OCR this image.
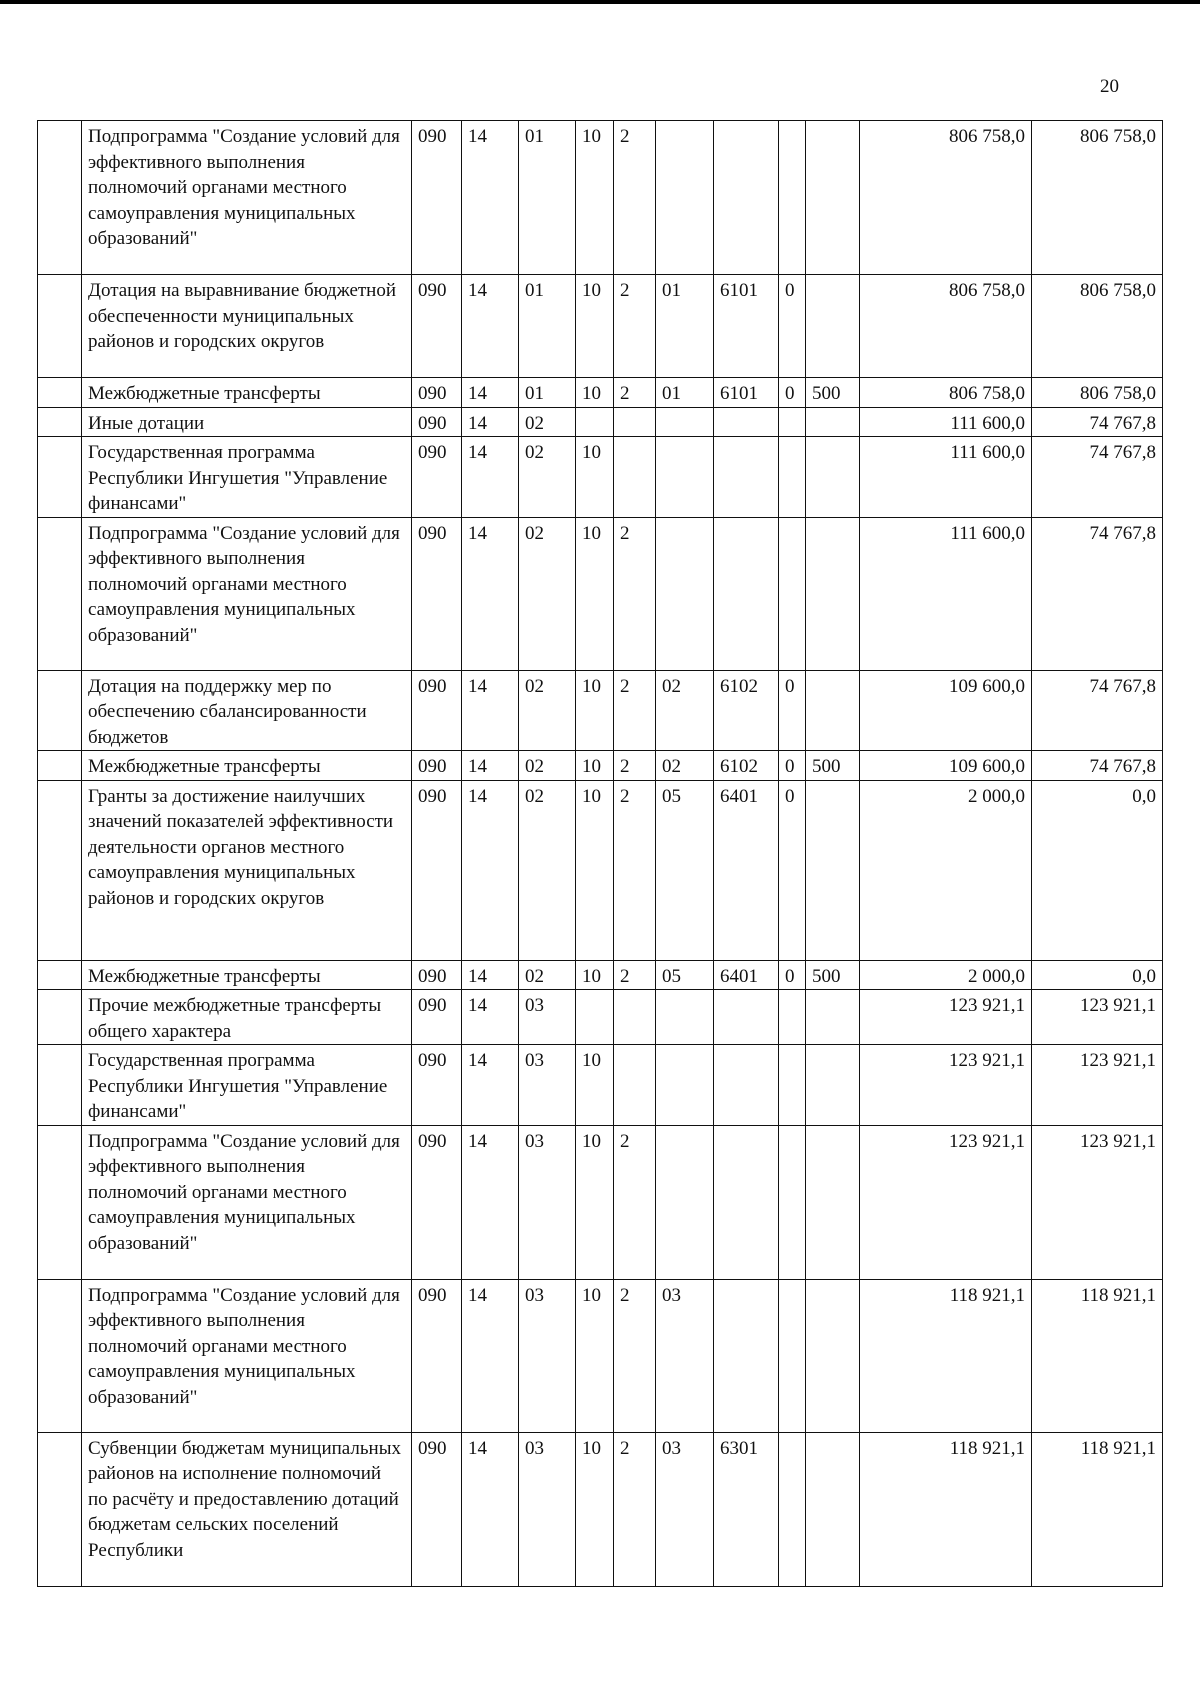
20
	Подпрограмма "Создание условий для эффективного выполнения полномочий органами местного самоуправления муниципальных образований"	090	14	01	10	2					806 758,0	806 758,0
	Дотация на выравнивание бюджетной обеспеченности муниципальных районов и городских округов	090	14	01	10	2	01	6101	0		806 758,0	806 758,0
	Межбюджетные трансферты	090	14	01	10	2	01	6101	0	500	806 758,0	806 758,0
	Иные дотации	090	14	02							111 600,0	74 767,8
	Государственная программа Республики Ингушетия "Управление финансами"	090	14	02	10						111 600,0	74 767,8
	Подпрограмма "Создание условий для эффективного выполнения полномочий органами местного самоуправления муниципальных образований"	090	14	02	10	2					111 600,0	74 767,8
	Дотация на поддержку мер по обеспечению сбалансированности бюджетов	090	14	02	10	2	02	6102	0		109 600,0	74 767,8
	Межбюджетные трансферты	090	14	02	10	2	02	6102	0	500	109 600,0	74 767,8
	Гранты за достижение наилучших значений показателей эффективности деятельности органов местного самоуправления муниципальных районов и городских округов	090	14	02	10	2	05	6401	0		2 000,0	0,0
	Межбюджетные трансферты	090	14	02	10	2	05	6401	0	500	2 000,0	0,0
	Прочие межбюджетные трансферты общего характера	090	14	03							123 921,1	123 921,1
	Государственная программа Республики Ингушетия "Управление финансами"	090	14	03	10						123 921,1	123 921,1
	Подпрограмма "Создание условий для эффективного выполнения полномочий органами местного самоуправления муниципальных образований"	090	14	03	10	2					123 921,1	123 921,1
	Подпрограмма "Создание условий для эффективного выполнения полномочий органами местного самоуправления муниципальных образований"	090	14	03	10	2	03				118 921,1	118 921,1
	Субвенции бюджетам муниципальных районов на исполнение полномочий по расчёту и предоставлению дотаций бюджетам сельских поселений Республики	090	14	03	10	2	03	6301			118 921,1	118 921,1
